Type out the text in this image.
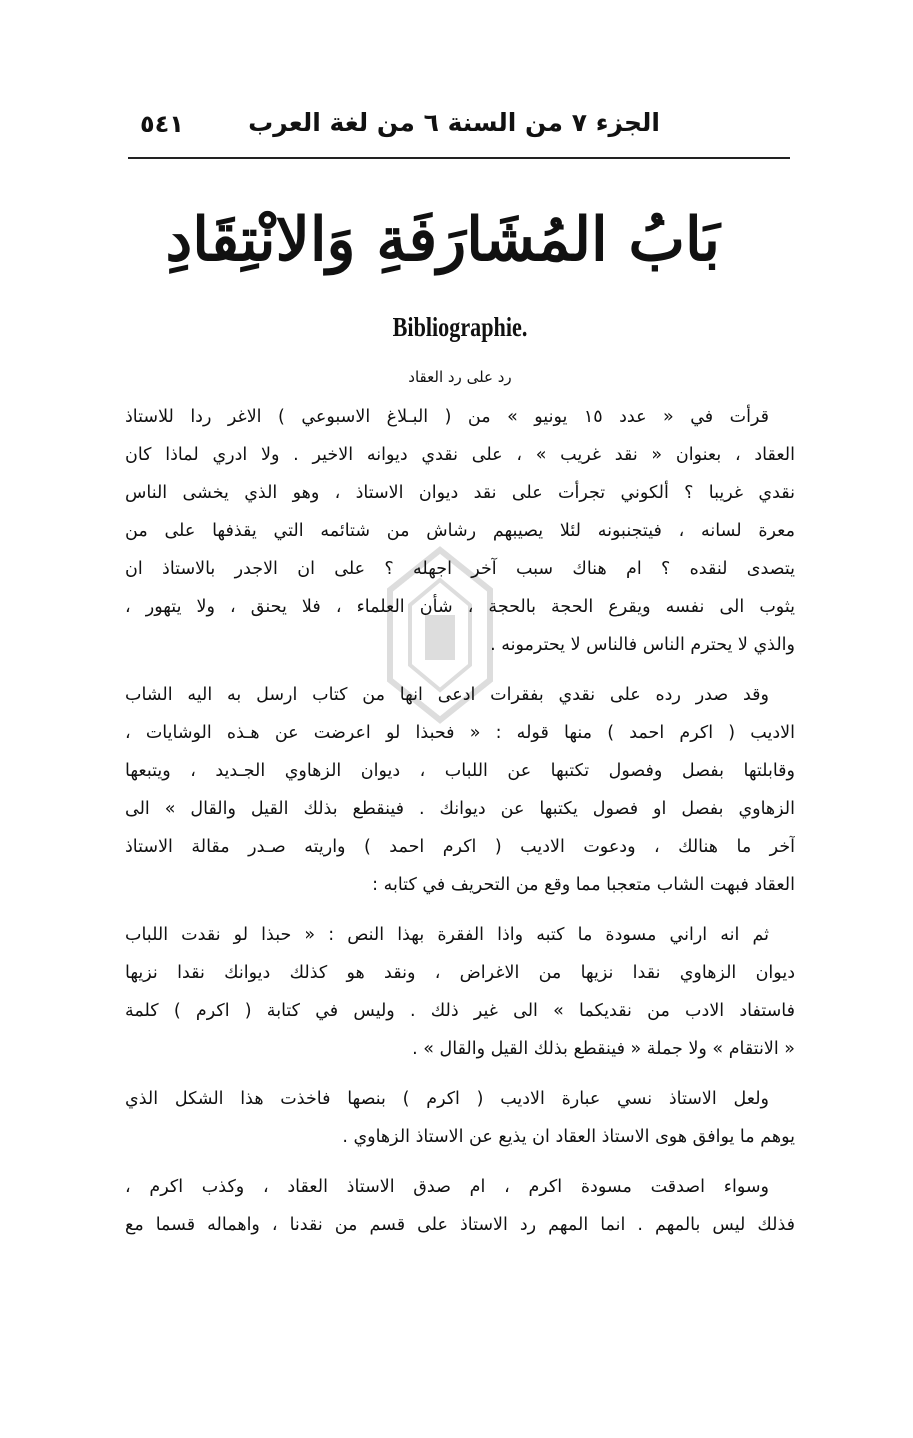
الجزء ٧ من السنة ٦ من لغة العرب
٥٤١
بَابُ المُشَارَفَةِ وَالانْتِقَادِ
Bibliographie.
رد على رد العقاد
قرأت في « عدد ١٥ يونيو » من ( البـلاغ الاسبوعي ) الاغر ردا للاستاذ
العقاد ، بعنوان « نقد غريب » ، على نقدي ديوانه الاخير . ولا ادري لماذا كان
نقدي غريبا ؟ ألكوني تجرأت على نقد ديوان الاستاذ ، وهو الذي يخشى الناس
معرة لسانه ، فيتجنبونه لئلا يصيبهم رشاش من شتائمه التي يقذفها على من
يتصدى لنقده ؟ ام هناك سبب آخر اجهله ؟ على ان الاجدر بالاستاذ ان
يثوب الى نفسه ويقرع الحجة بالحجة ، شأن العلماء ، فلا يحنق ، ولا يتهور ،
والذي لا يحترم الناس فالناس لا يحترمونه .
وقد صدر رده على نقدي بفقرات ادعى انها من كتاب ارسل به اليه الشاب
الاديب ( اكرم احمد ) منها قوله : « فحبذا لو اعرضت عن هـذه الوشايات ،
وقابلتها بفصل وفصول تكتبها عن اللباب ، ديوان الزهاوي الجـديد ، ويتبعها
الزهاوي بفصل او فصول يكتبها عن ديوانك . فينقطع بذلك القيل والقال » الى
آخر ما هنالك ، ودعوت الاديب ( اكرم احمد ) واريته صـدر مقالة الاستاذ
العقاد فبهت الشاب متعجبا مما وقع من التحريف في كتابه :
ثم انه اراني مسودة ما كتبه واذا الفقرة بهذا النص : « حبذا لو نقدت اللباب
ديوان الزهاوي نقدا نزيها من الاغراض ، ونقد هو كذلك ديوانك نقدا نزيها
فاستفاد الادب من نقديكما » الى غير ذلك . وليس في كتابة ( اكرم ) كلمة
« الانتقام » ولا جملة « فينقطع بذلك القيل والقال » .
ولعل الاستاذ نسي عبارة الاديب ( اكرم ) بنصها فاخذت هذا الشكل الذي
يوهم ما يوافق هوى الاستاذ العقاد ان يذيع عن الاستاذ الزهاوي .
وسواء اصدقت مسودة اكرم ، ام صدق الاستاذ العقاد ، وكذب اكرم ،
فذلك ليس بالمهم . انما المهم رد الاستاذ على قسم من نقدنا ، واهماله قسما مع
